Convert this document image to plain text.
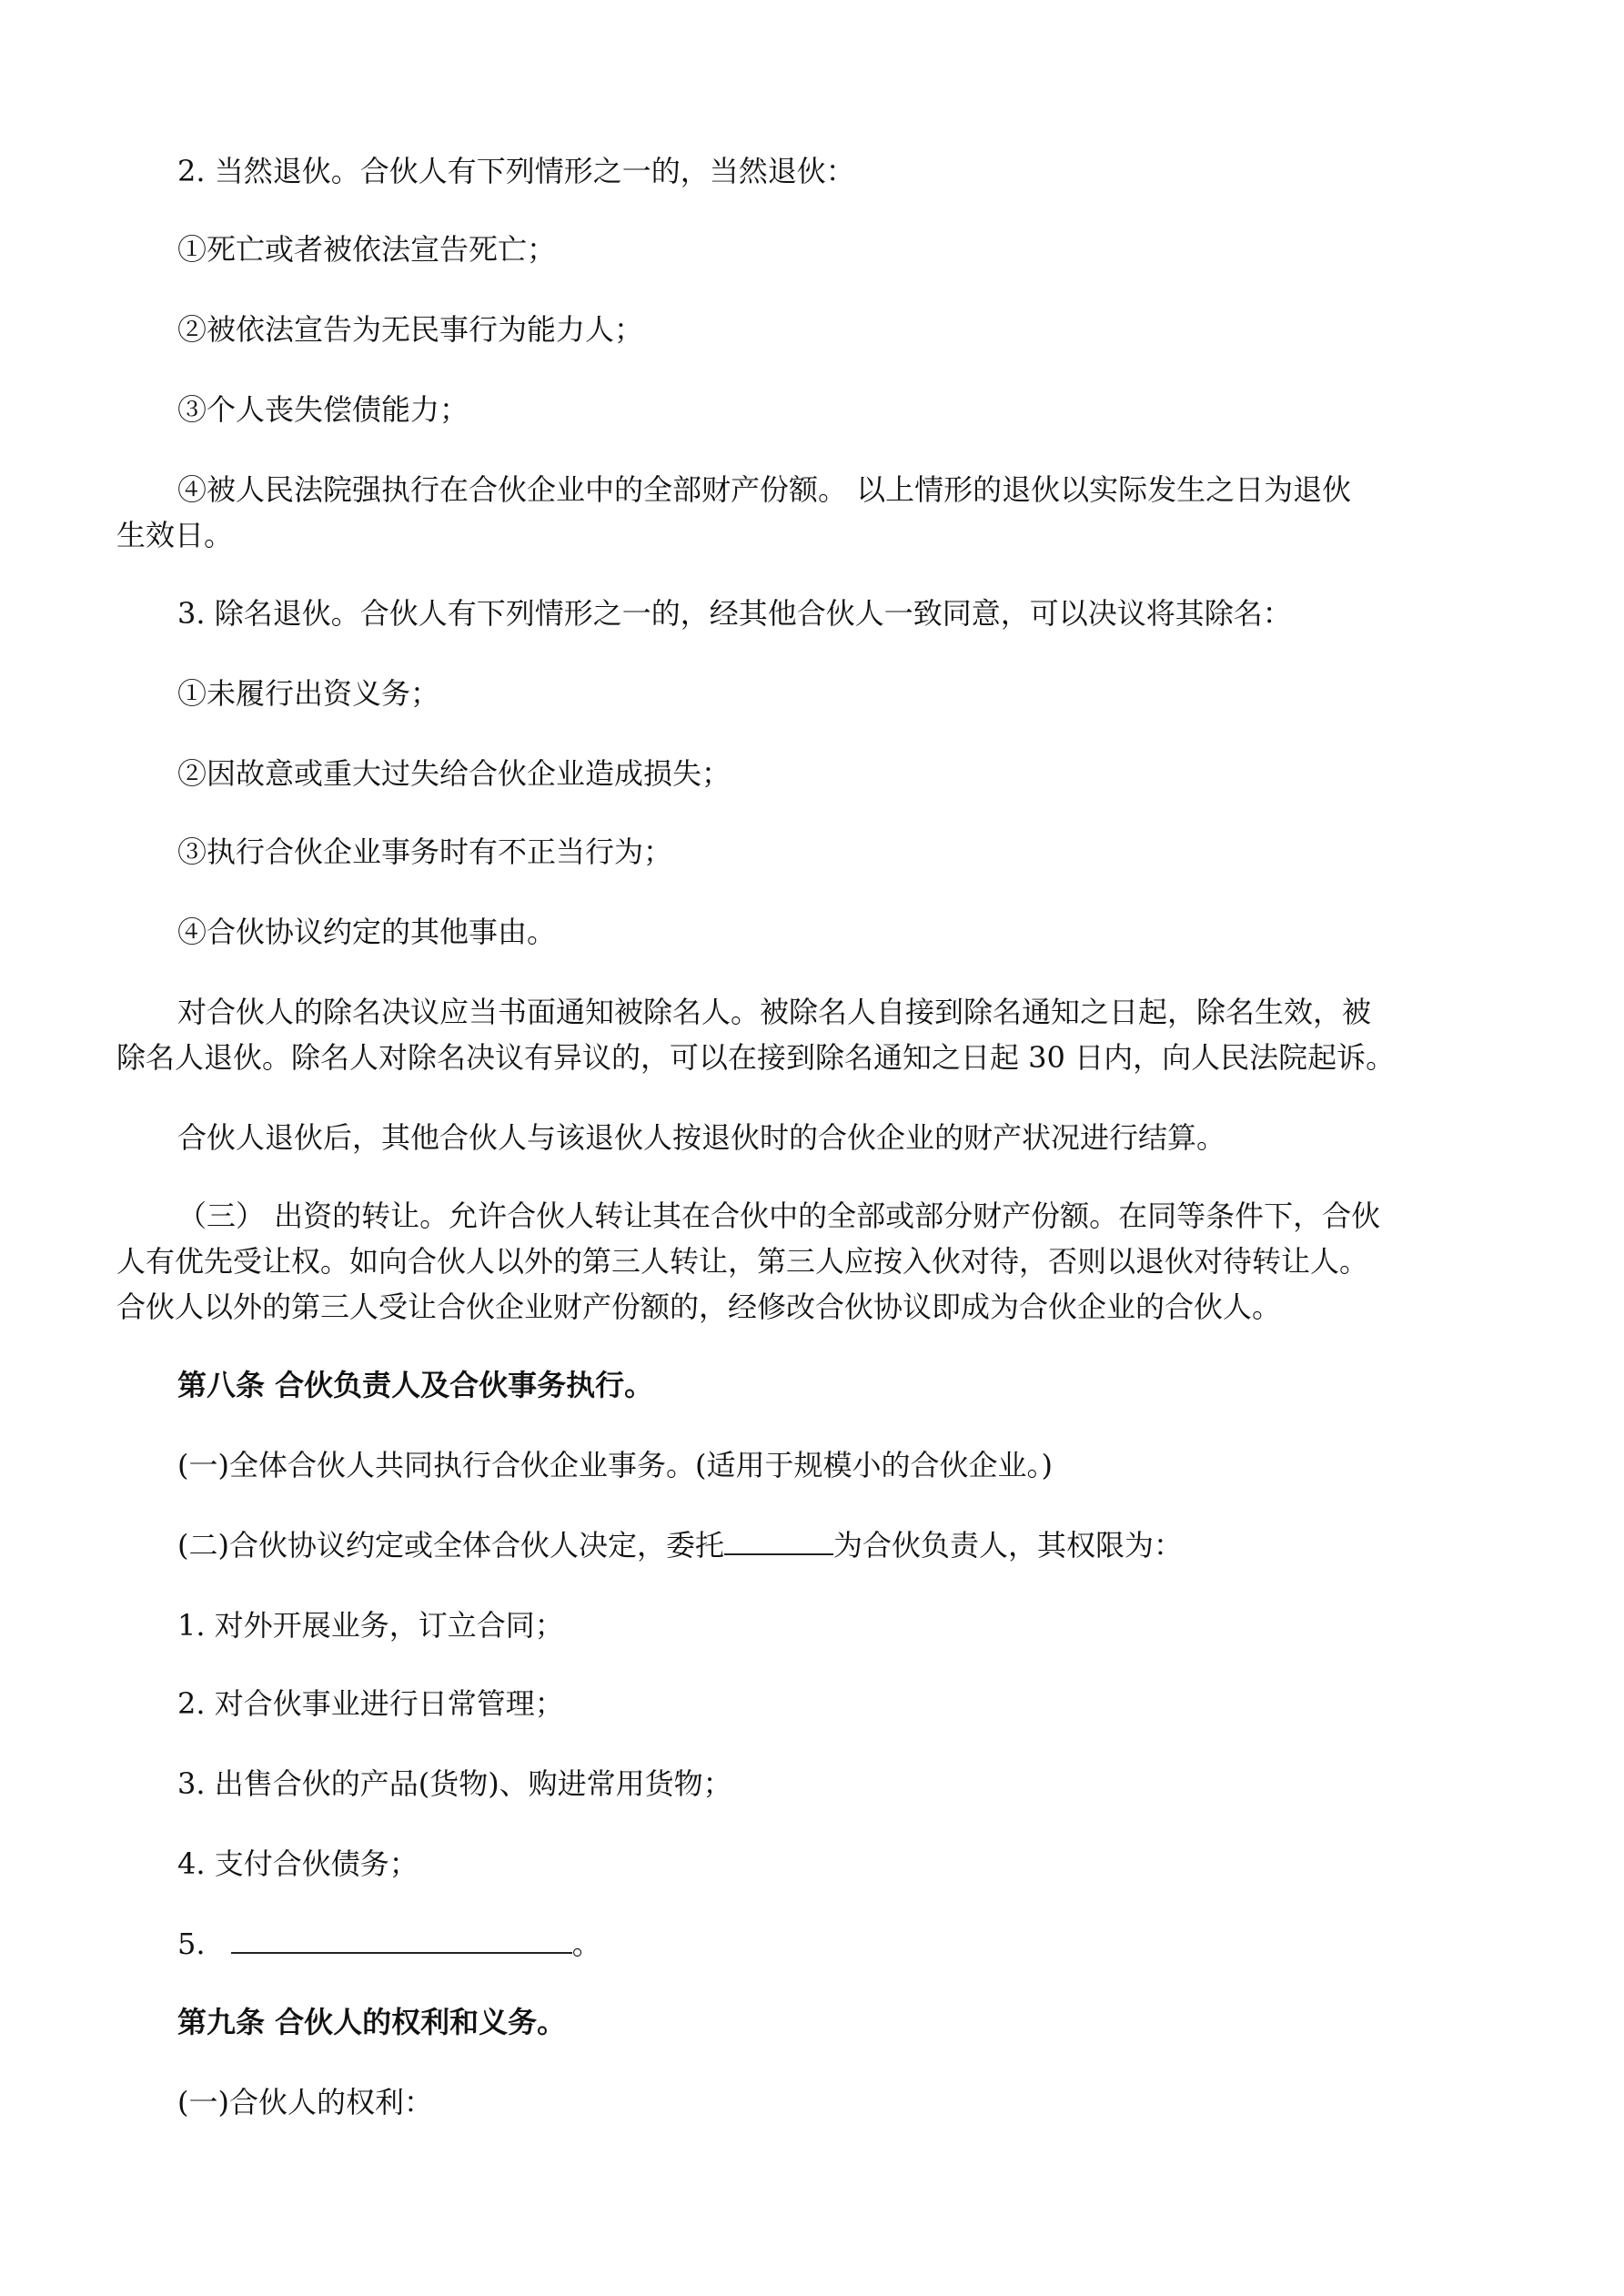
2. 当然退伙。合伙人有下列情形之一的，当然退伙：
①死亡或者被依法宣告死亡；
②被依法宣告为无民事行为能力人；
③个人丧失偿债能力；
④被人民法院强执行在合伙企业中的全部财产份额。 以上情形的退伙以实际发生之日为退伙
生效日。
3. 除名退伙。合伙人有下列情形之一的，经其他合伙人一致同意，可以决议将其除名：
①未履行出资义务；
②因故意或重大过失给合伙企业造成损失；
③执行合伙企业事务时有不正当行为；
④合伙协议约定的其他事由。
对合伙人的除名决议应当书面通知被除名人。被除名人自接到除名通知之日起，除名生效，被
除名人退伙。除名人对除名决议有异议的，可以在接到除名通知之日起 30 日内，向人民法院起诉。
合伙人退伙后，其他合伙人与该退伙人按退伙时的合伙企业的财产状况进行结算。
（三） 出资的转让。允许合伙人转让其在合伙中的全部或部分财产份额。在同等条件下，合伙
人有优先受让权。如向合伙人以外的第三人转让，第三人应按入伙对待，否则以退伙对待转让人。
合伙人以外的第三人受让合伙企业财产份额的，经修改合伙协议即成为合伙企业的合伙人。
第八条 合伙负责人及合伙事务执行。
(一)全体合伙人共同执行合伙企业事务。(适用于规模小的合伙企业。)
(二)合伙协议约定或全体合伙人决定，委托	为合伙负责人，其权限为：
1. 对外开展业务，订立合同；
2. 对合伙事业进行日常管理；
3. 出售合伙的产品(货物)、购进常用货物；
4. 支付合伙债务；
5.	。
第九条 合伙人的权利和义务。
(一)合伙人的权利：
